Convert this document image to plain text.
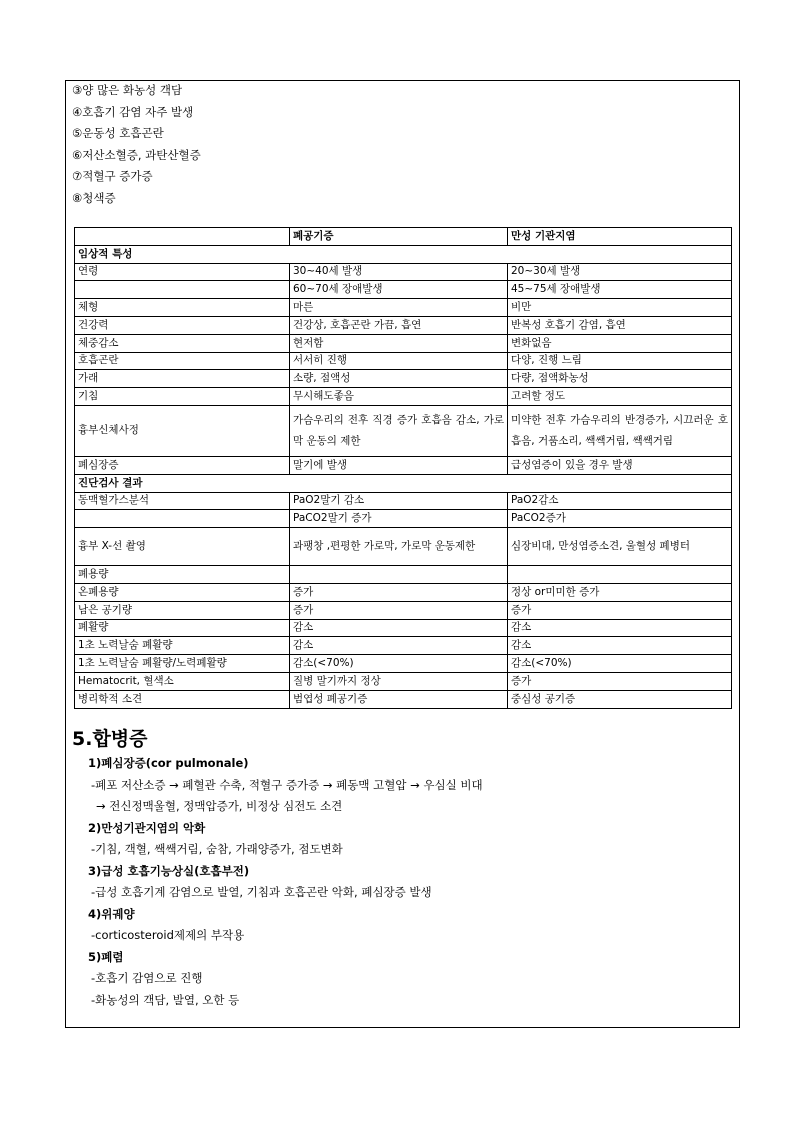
③양 많은 화농성 객담
④호흡기 감염 자주 발생
⑤운동성 호흡곤란
⑥저산소혈증, 과탄산혈증
⑦적혈구 증가증
⑧청색증
	폐공기증	만성 기관지염
임상적 특성		
연령	30~40세 발생	20~30세 발생
	60~70세 장애발생	45~75세 장애발생
체형	마른	비만
건강력	건강상, 호흡곤란 가끔, 흡연	반복성 호흡기 감염, 흡연
체중감소	현저함	변화없음
호흡곤란	서서히 진행	다양, 진행 느림
가래	소량, 점액성	다량, 점액화농성
기침	무시해도좋음	고려할 정도
흉부신체사정	가슴우리의 전후 직경 증가 호흡음 감소, 가로막 운동의 제한	미약한 전후 가슴우리의 반경증가, 시끄러운 호흡음, 거품소리, 쌕쌕거림, 쌕쌕거림
폐심장증	말기에 발생	급성염증이 있을 경우 발생
진단검사 결과		
동맥혈가스분석	PaO2말기 감소	PaO2감소
	PaCO2말기 증가	PaCO2증가
흉부 X-선 촬영	과팽창 ,편평한 가로막, 가로막 운동제한	심장비대, 만성염증소견, 울혈성 폐병터
폐용량		
온폐용량	증가	정상 or미미한 증가
남은 공기량	증가	증가
폐활량	감소	감소
1초 노력날숨 폐활량	감소	감소
1초 노력날숨 폐활량/노력폐활량	감소(<70%)	감소(<70%)
Hematocrit, 혈색소	질병 말기까지 정상	증가
병리학적 소견	범엽성 폐공기증	중심성 공기증
5.합병증
1)폐심장증(cor pulmonale)
-폐포 저산소증 → 폐혈관 수축, 적혈구 증가증 → 폐동맥 고혈압 → 우심실 비대
→ 전신정맥울혈, 정맥압증가, 비정상 심전도 소견
2)만성기관지염의 악화
-기침, 객혈, 쌕쌕거림, 숨참, 가래양증가, 점도변화
3)급성 호흡기능상실(호흡부전)
-급성 호흡기계 감염으로 발열, 기침과 호흡곤란 악화, 폐심장증 발생
4)위궤양
-corticosteroid제제의 부작용
5)폐렴
-호흡기 감염으로 진행
-화농성의 객담, 발열, 오한 등
